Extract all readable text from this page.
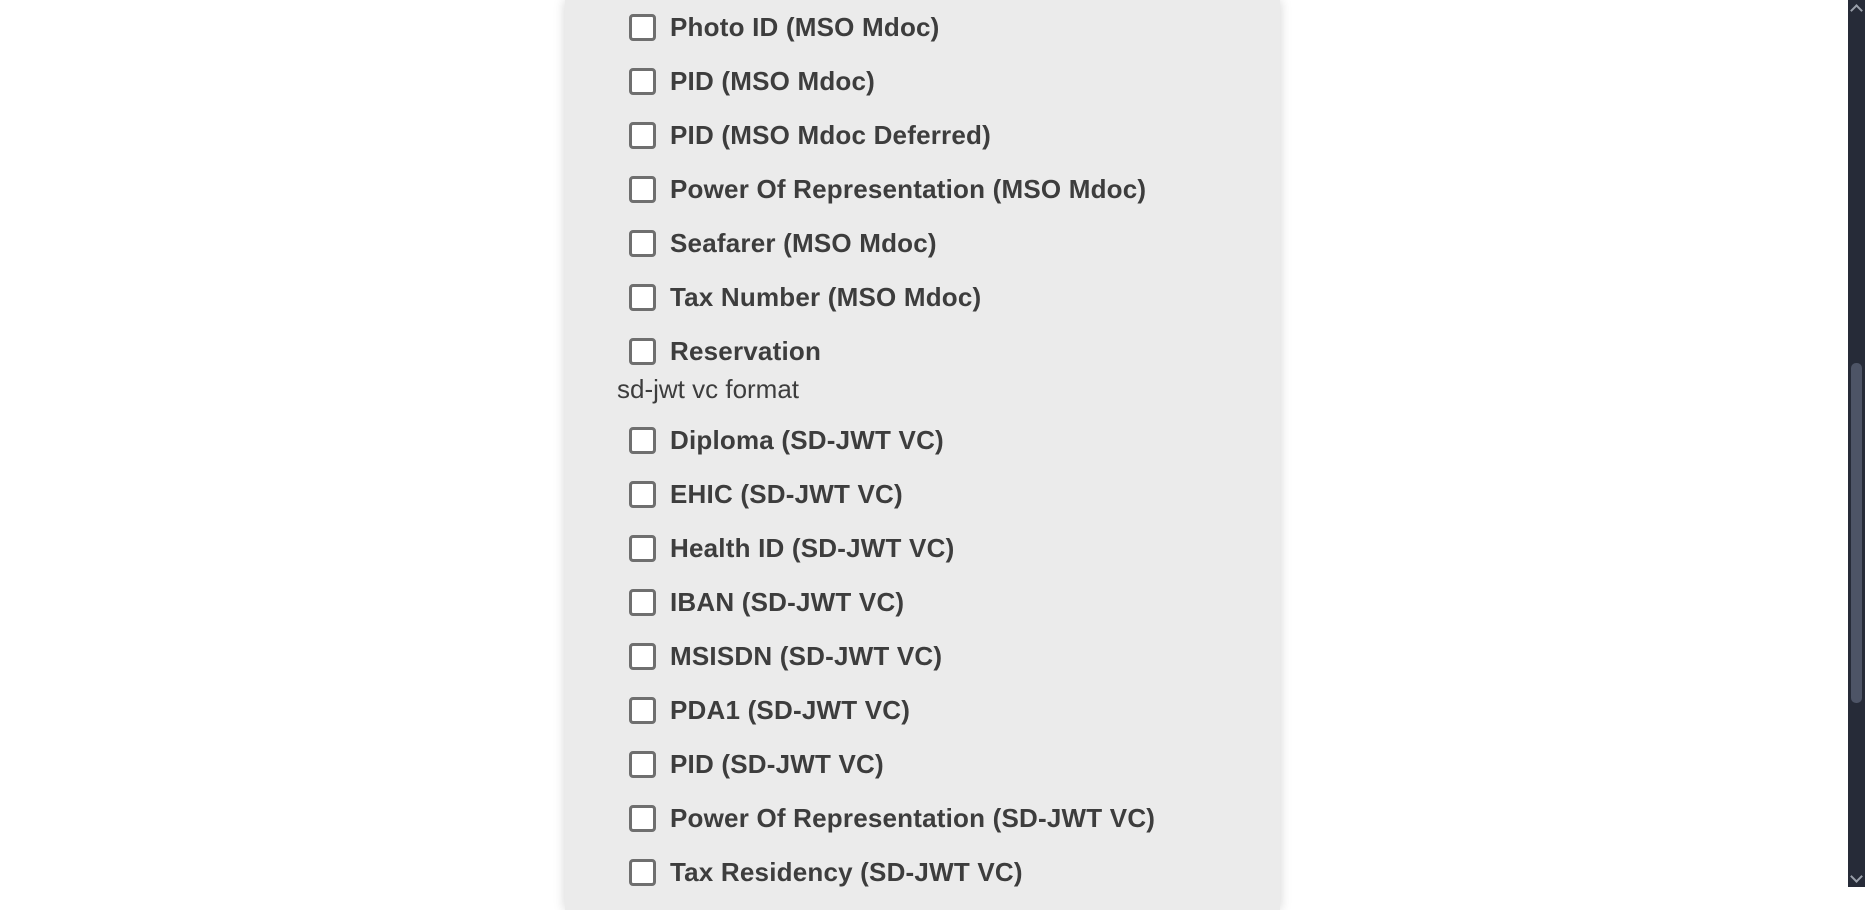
Photo ID (MSO Mdoc)
PID (MSO Mdoc)
PID (MSO Mdoc Deferred)
Power Of Representation (MSO Mdoc)
Seafarer (MSO Mdoc)
Tax Number (MSO Mdoc)
Reservation
sd-jwt vc format
Diploma (SD-JWT VC)
EHIC (SD-JWT VC)
Health ID (SD-JWT VC)
IBAN (SD-JWT VC)
MSISDN (SD-JWT VC)
PDA1 (SD-JWT VC)
PID (SD-JWT VC)
Power Of Representation (SD-JWT VC)
Tax Residency (SD-JWT VC)
